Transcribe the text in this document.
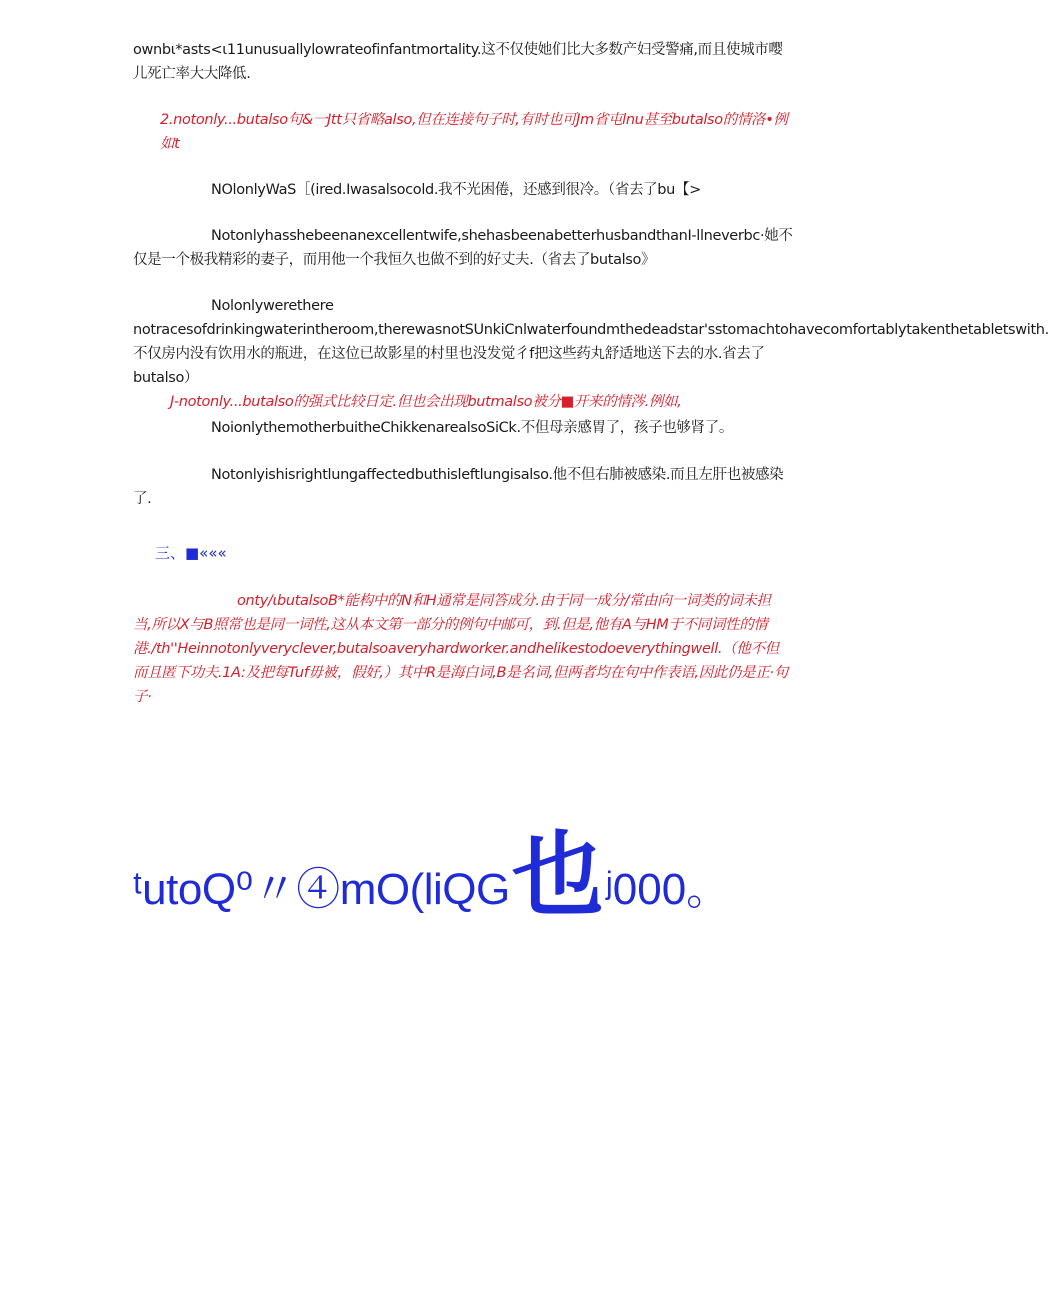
ownbι*asts<ι11unusuallylowrateofinfantmortality.这不仅使她们比大多数产妇受警痛,而且使城市嘤儿死亡率大大降低.
2.notonly...butalso句&一Jtt只省略also,但在连接句子时,有时也可Jm省屯lnu甚至butalso的情洛•例如t
NOlonlyWaS［(ired.Iwasalsocold.我不光困倦，还感到很冷。（省去了bu【>
Notonlyhasshebeenanexcellentwife,shehasbeenabetterhusbandthanI-llneverbc·她不仅是一个极我精彩的妻子，而用他一个我恒久也做不到的好丈夫.（省去了butalso》
Nolonlywerethere notracesofdrinkingwaterintheroom,therewasnotSUnkiCnlwaterfoundmthedeadstar'sstomachtohavecomfortablytakenthetabletswith.不仅房内没有饮用水的瓶进，在这位已故影星的村里也没发觉彳f把这些药丸舒适地送下去的水.省去了butalso）
J-notonly...butalso的强式比较日定.但也会出现butmalso被分■开来的情涔.例如,
NoionlythemotherbuitheChikkenarealsoSiCk.不但母亲感胃了，孩子也够肾了。
Notonlyishisrightlungaffectedbuthisleftlungisalso.他不但右肺被感染.而且左肝也被感染了.
三、■«««
onty∕ιbutalsoB*能构中的N和H通常是同答成分.由于同一成分/常由向一词类的词未担当,所以X与B照常也是同一词性,这从本文第一部分的例句中邮可，到.但是,他有A与HM于不同词性的情港./th''Heinnotonlyveryclever,butalsoaveryhardworker.andhelikestodoeverythingwell.（他不但而且匿下功夫.1A:及把每Tuf毋被，假好,）其中R是海白词,B是名词,但两者均在句中作表语,因此仍是正·句子·
ᵗutoQ⁰〃④mO(liQG 也 ʲ000。
